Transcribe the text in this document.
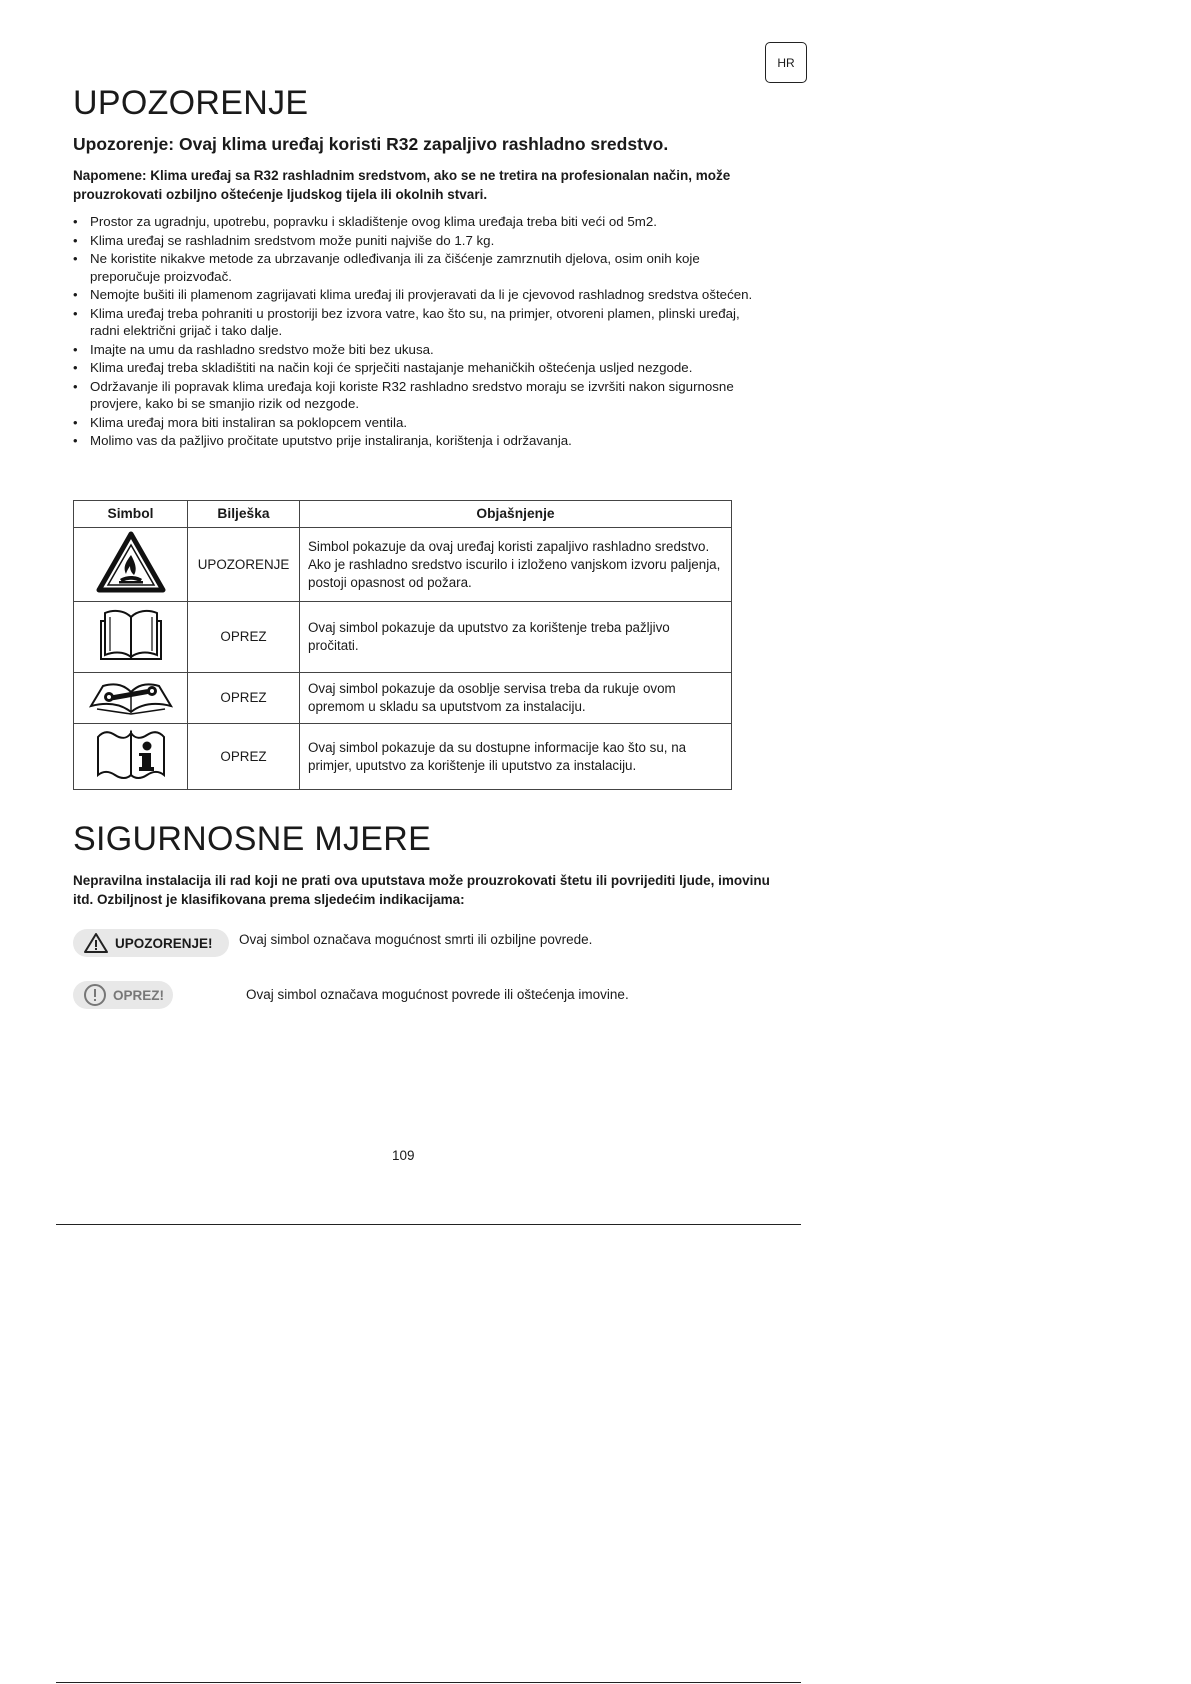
HR
UPOZORENJE
Upozorenje: Ovaj klima uređaj koristi R32 zapaljivo rashladno sredstvo.
Napomene: Klima uređaj sa R32 rashladnim sredstvom, ako se ne tretira na profesionalan način, može prouzrokovati ozbiljno oštećenje ljudskog tijela ili okolnih stvari.
• Prostor za ugradnju, upotrebu, popravku i skladištenje ovog klima uređaja treba biti veći od 5m2.
• Klima uređaj se rashladnim sredstvom može puniti najviše do 1.7 kg.
• Ne koristite nikakve metode za ubrzavanje odleđivanja ili za čišćenje zamrznutih djelova, osim onih koje preporučuje proizvođač.
• Nemojte bušiti ili plamenom zagrijavati klima uređaj ili provjeravati da li je cjevovod rashladnog sredstva oštećen.
• Klima uređaj treba pohraniti u prostoriji bez izvora vatre, kao što su, na primjer, otvoreni plamen, plinski uređaj, radni električni grijač i tako dalje.
• Imajte na umu da rashladno sredstvo može biti bez ukusa.
• Klima uređaj treba skladištiti na način koji će sprječiti nastajanje mehaničkih oštećenja usljed nezgode.
• Održavanje ili popravak klima uređaja koji koriste R32 rashladno sredstvo moraju se izvršiti nakon sigurnosne provjere, kako bi se smanjio rizik od nezgode.
• Klima uređaj mora biti instaliran sa poklopcem ventila.
• Molimo vas da pažljivo pročitate uputstvo prije instaliranja, korištenja i održavanja.
Simbol	Bilješka	Objašnjenje
	UPOZORENJE	Simbol pokazuje da ovaj uređaj koristi zapaljivo rashladno sredstvo. Ako je rashladno sredstvo iscurilo i izloženo vanjskom izvoru paljenja, postoji opasnost od požara.
	OPREZ	Ovaj simbol pokazuje da uputstvo za korištenje treba pažljivo pročitati.
	OPREZ	Ovaj simbol pokazuje da osoblje servisa treba da rukuje ovom opremom u skladu sa uputstvom za instalaciju.
	OPREZ	Ovaj simbol pokazuje da su dostupne informacije kao što su, na primjer, uputstvo za korištenje ili uputstvo za instalaciju.
SIGURNOSNE MJERE
Nepravilna instalacija ili rad koji ne prati ova uputstava može prouzrokovati štetu ili povrijediti ljude, imovinu itd. Ozbiljnost je klasifikovana prema sljedećim indikacijama:
UPOZORENJE! Ovaj simbol označava mogućnost smrti ili ozbiljne povrede.
OPREZ!	Ovaj simbol označava mogućnost povrede ili oštećenja imovine.
109
